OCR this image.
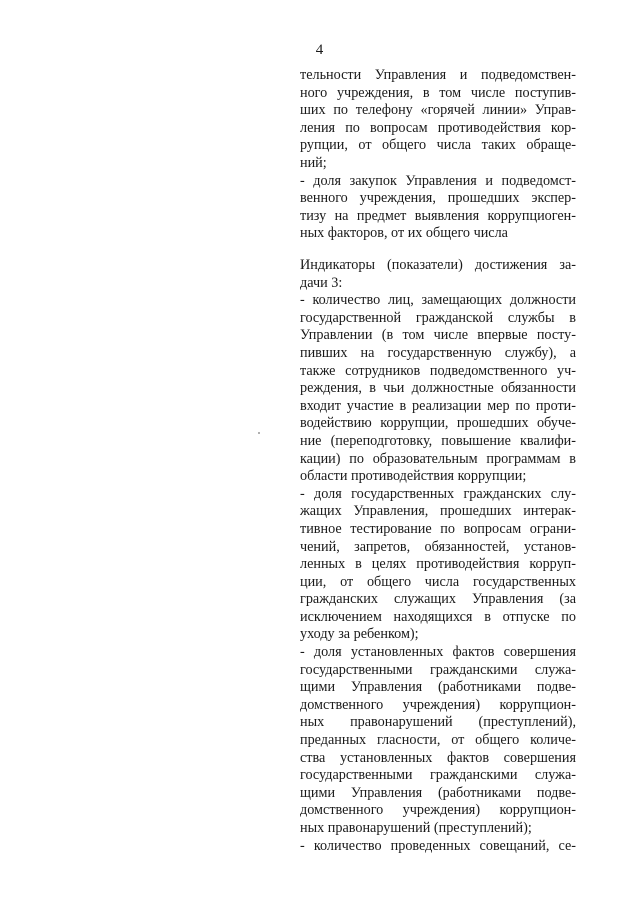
4
тельности Управления и подведомствен-
ного учреждения, в том числе поступив-
ших по телефону «горячей линии» Управ-
ления по вопросам противодействия кор-
рупции, от общего числа таких обраще-
ний;
- доля закупок Управления и подведомст-
венного учреждения, прошедших экспер-
тизу на предмет выявления коррупциоген-
ных факторов, от их общего числа
Индикаторы (показатели) достижения за-
дачи 3:
- количество лиц, замещающих должности
государственной гражданской службы в
Управлении (в том числе впервые посту-
пивших на государственную службу), а
также сотрудников подведомственного уч-
реждения, в чьи должностные обязанности
входит участие в реализации мер по проти-
водействию коррупции, прошедших обуче-
ние (переподготовку, повышение квалифи-
кации) по образовательным программам в
области противодействия коррупции;
- доля государственных гражданских слу-
жащих Управления, прошедших интерак-
тивное тестирование по вопросам ограни-
чений, запретов, обязанностей, установ-
ленных в целях противодействия корруп-
ции, от общего числа государственных
гражданских служащих Управления (за
исключением находящихся в отпуске по
уходу за ребенком);
- доля установленных фактов совершения
государственными гражданскими служа-
щими Управления (работниками подве-
домственного учреждения) коррупцион-
ных правонарушений (преступлений),
преданных гласности, от общего количе-
ства установленных фактов совершения
государственными гражданскими служа-
щими Управления (работниками подве-
домственного учреждения) коррупцион-
ных правонарушений (преступлений);
- количество проведенных совещаний, се-
